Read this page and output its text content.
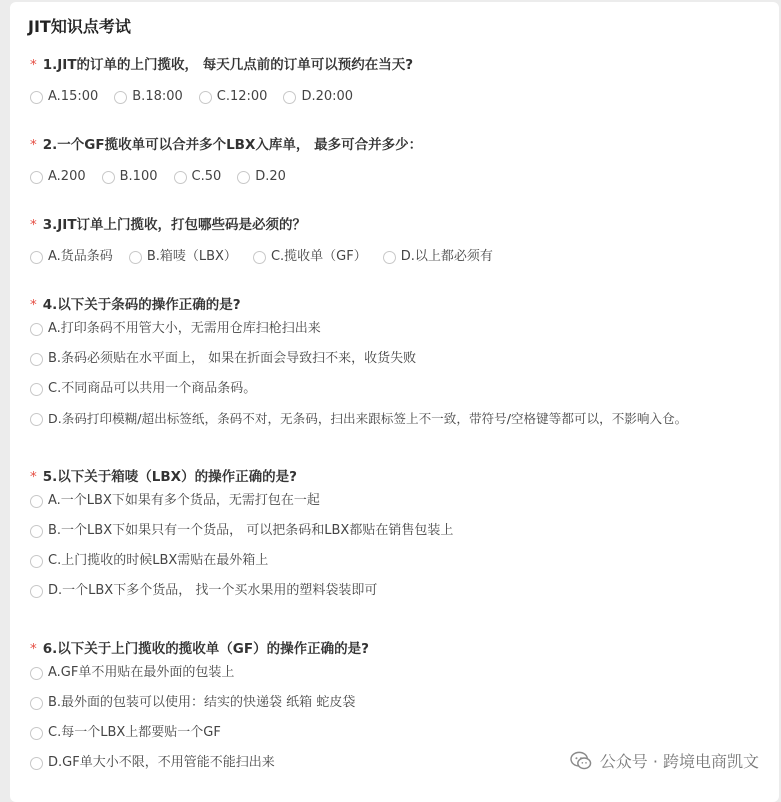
JIT知识点考试
* 1.JIT的订单的上门揽收， 每天几点前的订单可以预约在当天?
A.15:00	B.18:00	C.12:00	D.20:00
* 2.一个GF揽收单可以合并多个LBX入库单， 最多可合并多少：
A.200	B.100	C.50	D.20
* 3.JIT订单上门揽收，打包哪些码是必须的？
A.货品条码	B.箱唛（LBX）	C.揽收单（GF）	D.以上都必须有
* 4.以下关于条码的操作正确的是?
A.打印条码不用管大小，无需用仓库扫枪扫出来
B.条码必须贴在水平面上， 如果在折面会导致扫不来，收货失败
C.不同商品可以共用一个商品条码。
D.条码打印模糊/超出标签纸，条码不对，无条码，扫出来跟标签上不一致，带符号/空格键等都可以，不影响入仓。
* 5.以下关于箱唛（LBX）的操作正确的是?
A.一个LBX下如果有多个货品，无需打包在一起
B.一个LBX下如果只有一个货品， 可以把条码和LBX都贴在销售包装上
C.上门揽收的时候LBX需贴在最外箱上
D.一个LBX下多个货品， 找一个买水果用的塑料袋装即可
* 6.以下关于上门揽收的揽收单（GF）的操作正确的是?
A.GF单不用贴在最外面的包装上
B.最外面的包装可以使用：结实的快递袋 纸箱 蛇皮袋
C.每一个LBX上都要贴一个GF
D.GF单大小不限，不用管能不能扫出来
公众号 · 跨境电商凯文
